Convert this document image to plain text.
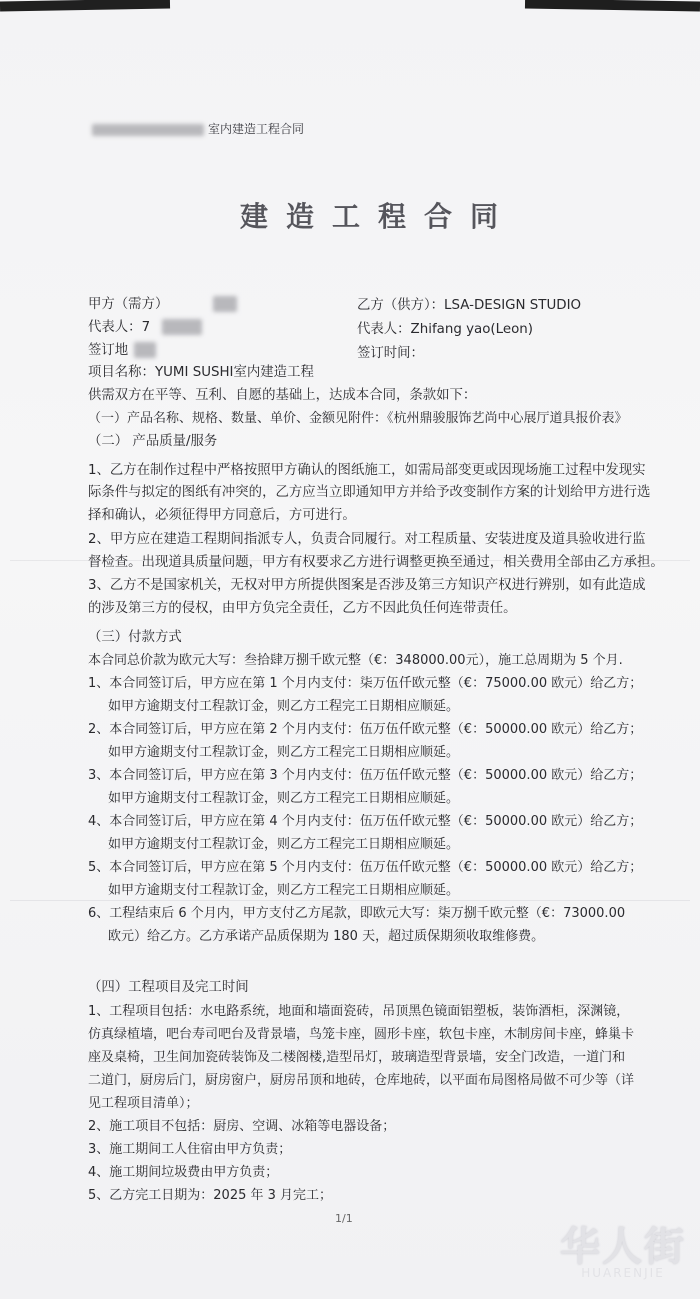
室内建造工程合同
建造工程合同
甲方（需方）	乙方（供方）：LSA-DESIGN STUDIO
代表人：7	代表人：Zhifang yao(Leon)
签订地	签订时间：
项目名称：YUMI SUSHI室内建造工程
供需双方在平等、互利、自愿的基础上，达成本合同，条款如下：
（一）产品名称、规格、数量、单价、金额见附件：《杭州鼎骏服饰艺尚中心展厅道具报价表》
（二） 产品质量/服务
1、乙方在制作过程中严格按照甲方确认的图纸施工，如需局部变更或因现场施工过程中发现实
际条件与拟定的图纸有冲突的，乙方应当立即通知甲方并给予改变制作方案的计划给甲方进行选
择和确认，必须征得甲方同意后，方可进行。
2、甲方应在建造工程期间指派专人，负责合同履行。对工程质量、安装进度及道具验收进行监
督检查。出现道具质量问题，甲方有权要求乙方进行调整更换至通过，相关费用全部由乙方承担。
3、乙方不是国家机关，无权对甲方所提供图案是否涉及第三方知识产权进行辨别，如有此造成
的涉及第三方的侵权，由甲方负完全责任，乙方不因此负任何连带责任。
（三）付款方式
本合同总价款为欧元大写：叁拾肆万捌千欧元整（€：348000.00元），施工总周期为 5 个月.
1、本合同签订后，甲方应在第 1 个月内支付：柒万伍仟欧元整（€：75000.00 欧元）给乙方；
如甲方逾期支付工程款订金，则乙方工程完工日期相应顺延。
2、本合同签订后，甲方应在第 2 个月内支付：伍万伍仟欧元整（€：50000.00 欧元）给乙方；
如甲方逾期支付工程款订金，则乙方工程完工日期相应顺延。
3、本合同签订后，甲方应在第 3 个月内支付：伍万伍仟欧元整（€：50000.00 欧元）给乙方；
如甲方逾期支付工程款订金，则乙方工程完工日期相应顺延。
4、本合同签订后，甲方应在第 4 个月内支付：伍万伍仟欧元整（€：50000.00 欧元）给乙方；
如甲方逾期支付工程款订金，则乙方工程完工日期相应顺延。
5、本合同签订后，甲方应在第 5 个月内支付：伍万伍仟欧元整（€：50000.00 欧元）给乙方；
如甲方逾期支付工程款订金，则乙方工程完工日期相应顺延。
6、工程结束后 6 个月内，甲方支付乙方尾款，即欧元大写：柒万捌千欧元整（€：73000.00
欧元）给乙方。乙方承诺产品质保期为 180 天，超过质保期须收取维修费。
（四）工程项目及完工时间
1、工程项目包括：水电路系统，地面和墙面瓷砖，吊顶黑色镜面铝塑板，装饰酒柜，深渊镜，
仿真绿植墙，吧台寿司吧台及背景墙，鸟笼卡座，圆形卡座，软包卡座，木制房间卡座，蜂巢卡
座及桌椅，卫生间加瓷砖装饰及二楼阁楼,造型吊灯，玻璃造型背景墙，安全门改造，一道门和
二道门，厨房后门，厨房窗户，厨房吊顶和地砖，仓库地砖，以平面布局图格局做不可少等（详
见工程项目清单）；
2、施工项目不包括：厨房、空调、冰箱等电器设备；
3、施工期间工人住宿由甲方负责；
4、施工期间垃圾费由甲方负责；
5、乙方完工日期为：2025 年 3 月完工；
1/1
华人街
HUARENJIE
